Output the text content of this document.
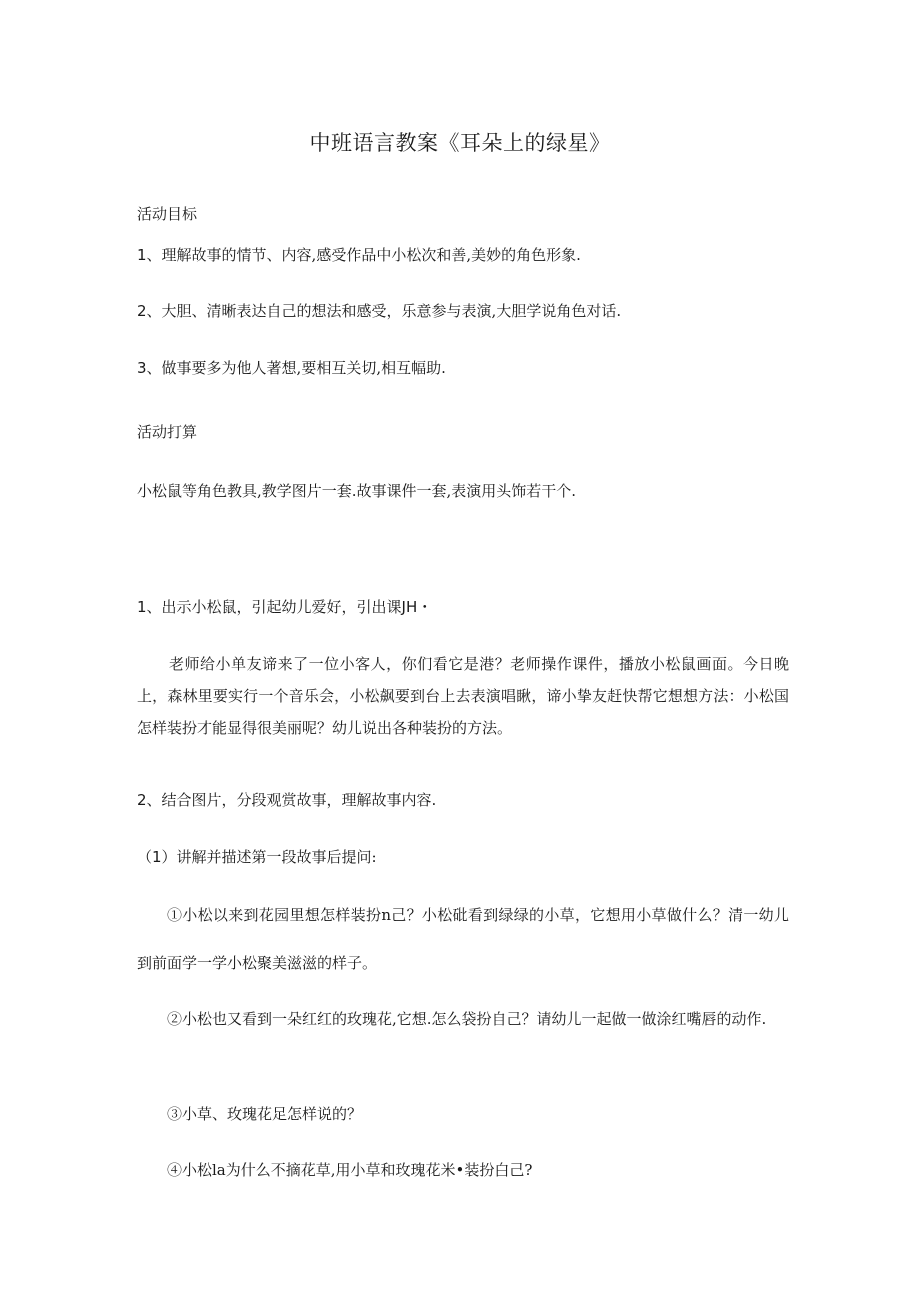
中班语言教案《耳朵上的绿星》
活动目标
1、理解故事的情节、内容,感受作品中小松次和善,美妙的角色形象.
2、大胆、清晰表达自己的想法和感受，乐意参与表演,大胆学说角色对话.
3、做事要多为他人著想,要相互关切,相互幅助.
活动打算
小松鼠等角色教具,教学图片一套.故事课件一套,表演用头饰若干个.
1、出示小松鼠，引起幼儿爱好，引出课JH・
老师给小单友谛来了一位小客人，你们看它是港？老师操作课件，播放小松鼠画面。今日晚上，森林里要实行一个音乐会，小松飙要到台上去表演唱瞅，谛小挚友赶快帮它想想方法：小松国怎样装扮才能显得很美丽呢？幼儿说出各种装扮的方法。
2、结合图片，分段观赏故事，理解故事内容.
（1）讲解并描述第一段故事后提问:
①小松以来到花园里想怎样装扮n己？小松砒看到绿绿的小草，它想用小草做什么？清一幼儿到前面学一学小松聚美滋滋的样子。
②小松也又看到一朵红红的玫瑰花,它想.怎么袋扮自己？请幼儿一起做一做涂红嘴唇的动作.
③小草、玫瑰花足怎样说的？
④小松la为什么不摘花草,用小草和玫瑰花米•装扮白己?
